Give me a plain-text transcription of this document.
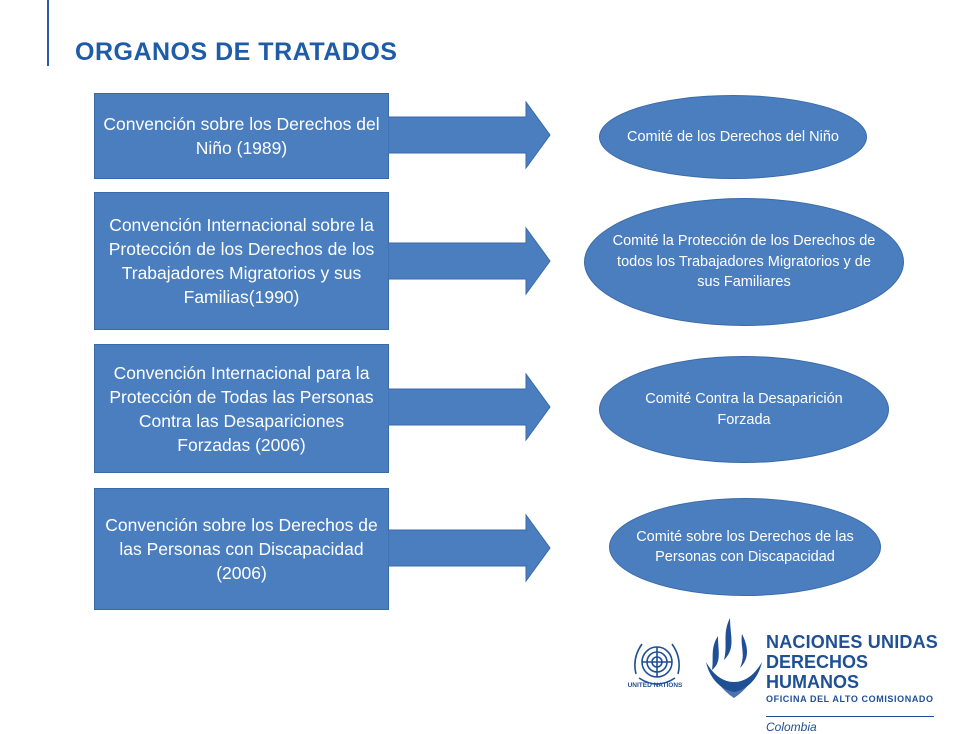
ORGANOS DE TRATADOS
Convención sobre los Derechos del Niño (1989)
Comité de los Derechos del Niño
Convención Internacional sobre la Protección de los Derechos de los Trabajadores Migratorios y sus Familias(1990)
Comité la Protección de los Derechos de todos los Trabajadores Migratorios y de sus Familiares
Convención Internacional para la Protección de Todas las Personas Contra las Desapariciones Forzadas (2006)
Comité Contra la Desaparición Forzada
Convención sobre los Derechos de las Personas con Discapacidad (2006)
Comité sobre los Derechos de las Personas con Discapacidad
UNITED NATIONS
NACIONES UNIDAS
DERECHOS HUMANOS
OFICINA DEL ALTO COMISIONADO
Colombia
